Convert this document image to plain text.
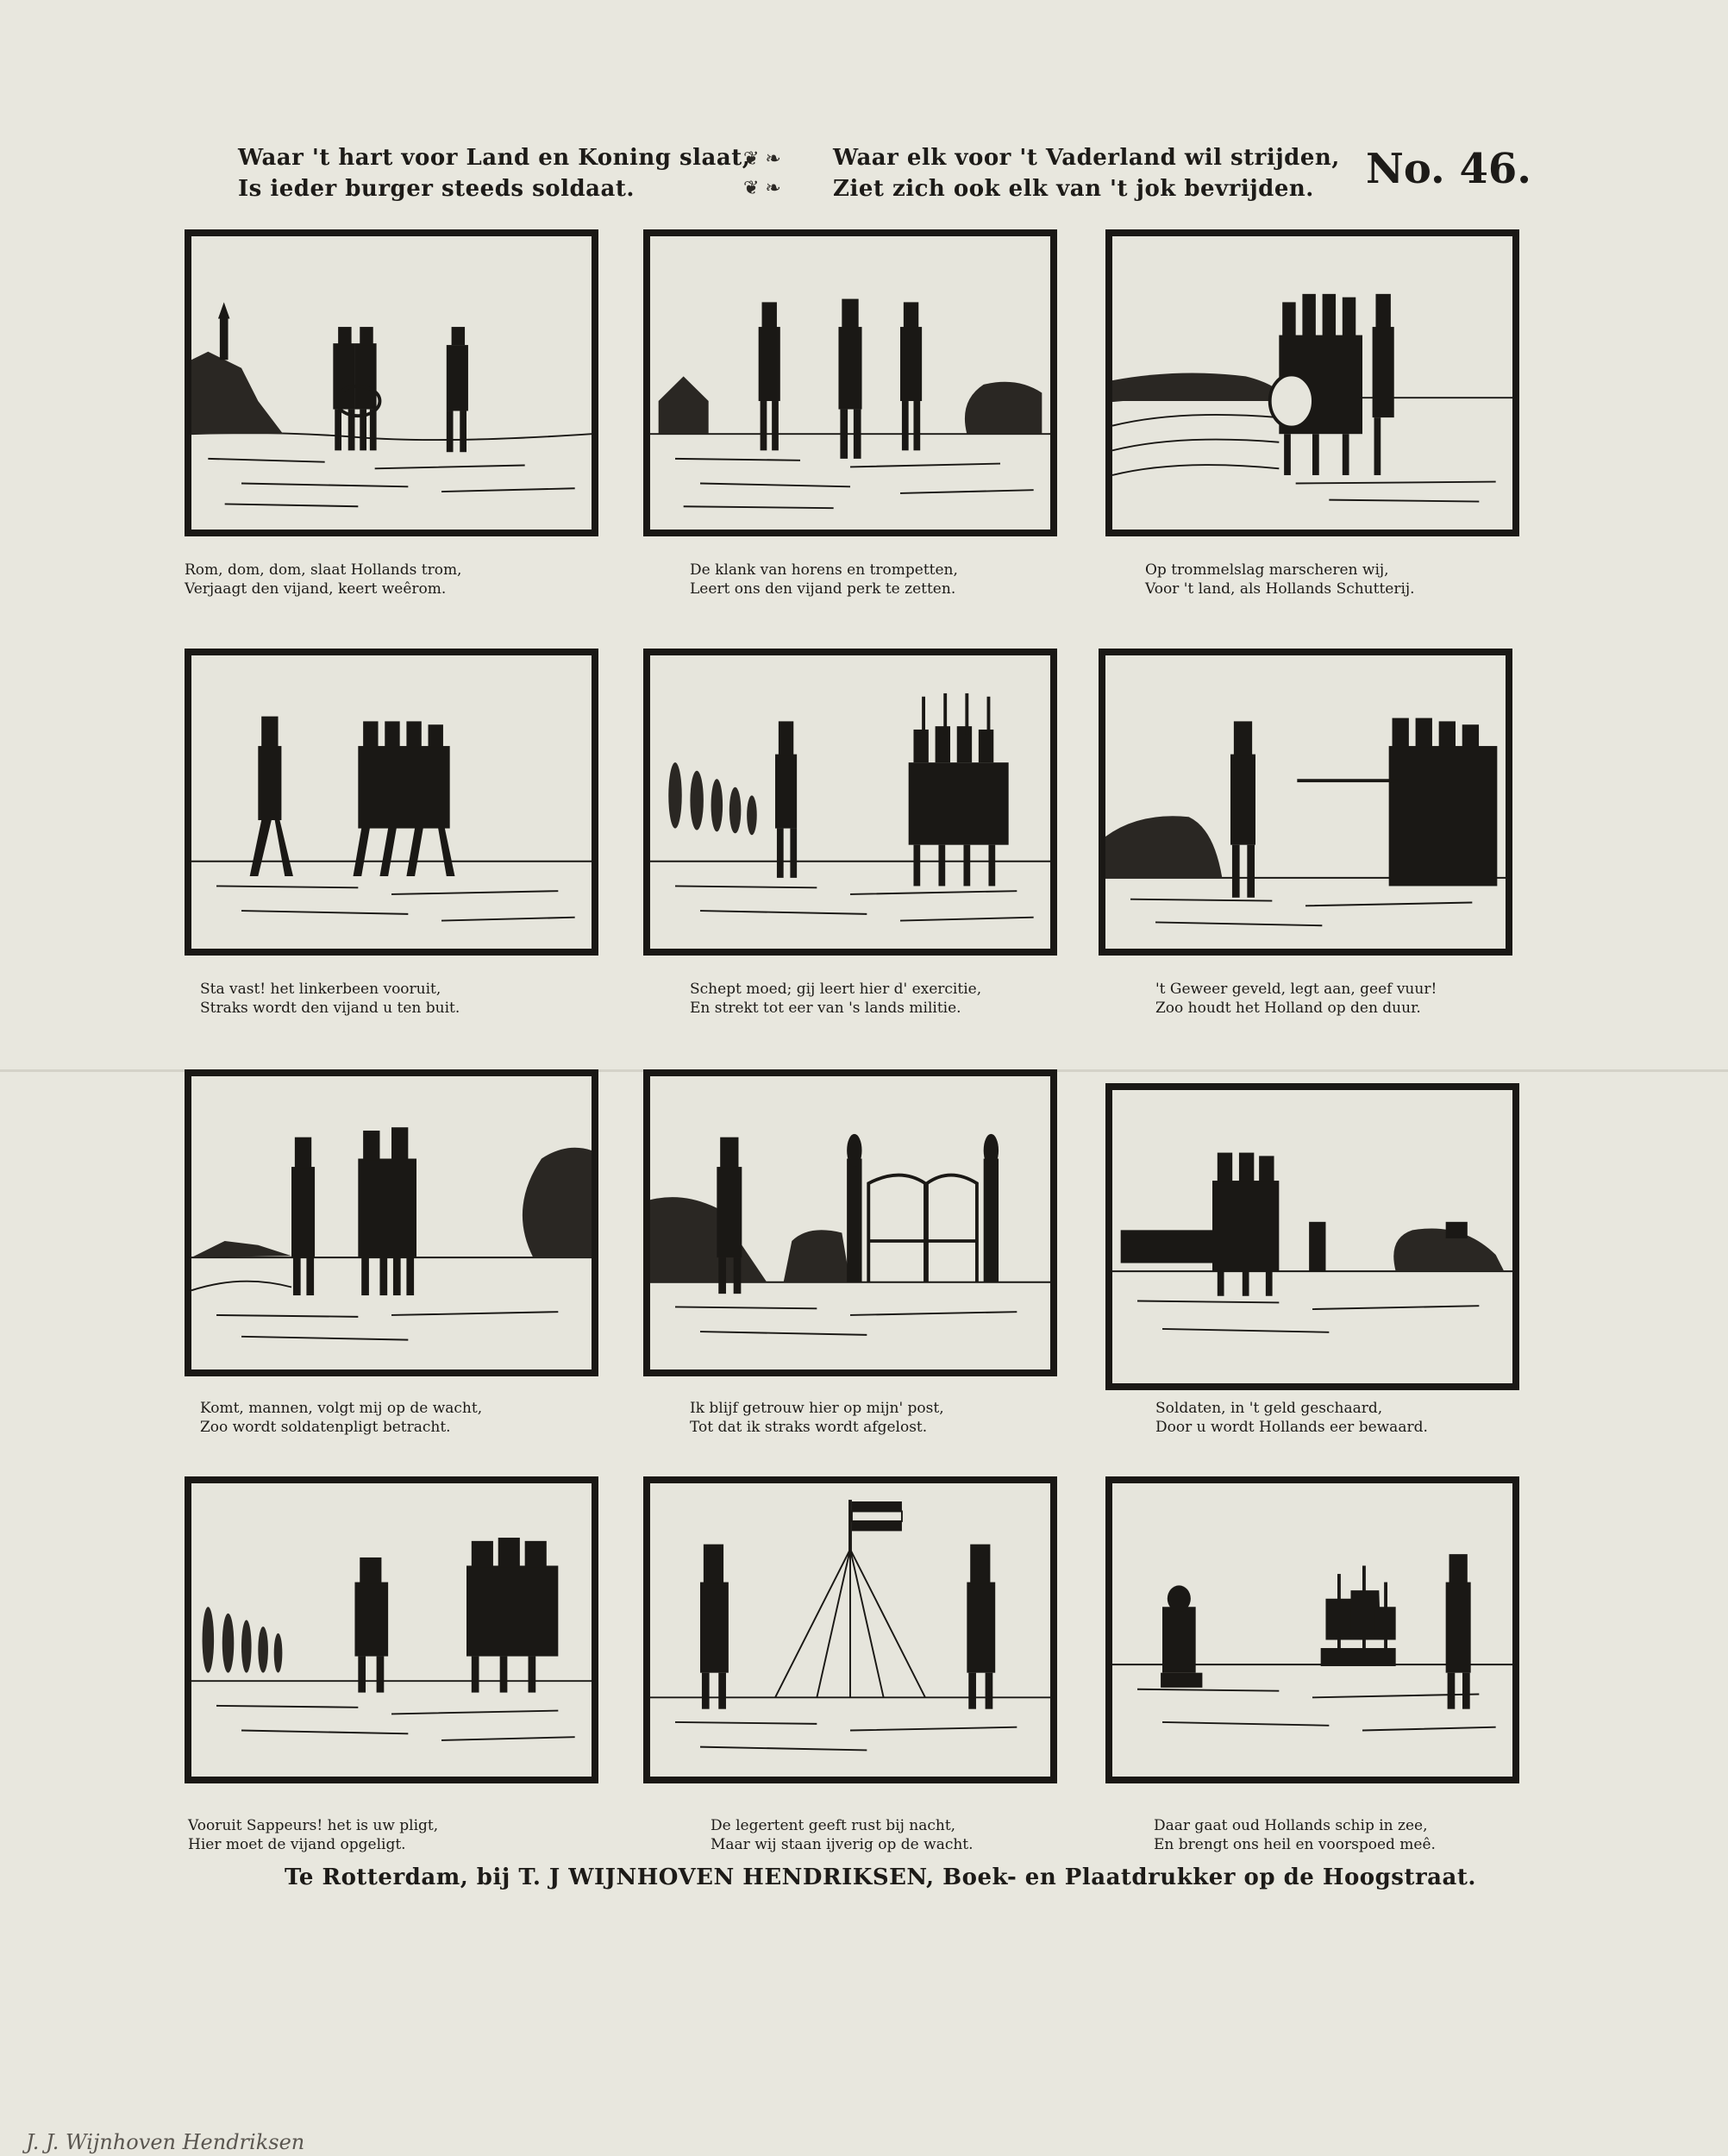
Waar 't hart voor Land en Koning slaat,
Is ieder burger steeds soldaat.
❦ ❧
❦ ❧
Waar elk voor 't Vaderland wil strijden,
Ziet zich ook elk van 't jok bevrijden. No. 46.
Rom, dom, dom, slaat Hollands trom,
Verjaagt den vijand, keert weêrom.
De klank van horens en trompetten,
Leert ons den vijand perk te zetten.
Op trommelslag marscheren wij,
Voor 't land, als Hollands Schutterij.
Sta vast! het linkerbeen vooruit,
Straks wordt den vijand u ten buit.
Schept moed; gij leert hier d' exercitie,
En strekt tot eer van 's lands militie.
't Geweer geveld, legt aan, geef vuur!
Zoo houdt het Holland op den duur.
Komt, mannen, volgt mij op de wacht,
Zoo wordt soldatenpligt betracht.
Ik blijf getrouw hier op mijn' post,
Tot dat ik straks wordt afgelost.
Soldaten, in 't geld geschaard,
Door u wordt Hollands eer bewaard.
Vooruit Sappeurs! het is uw pligt,
Hier moet de vijand opgeligt.
De legertent geeft rust bij nacht,
Maar wij staan ijverig op de wacht.
Daar gaat oud Hollands schip in zee,
En brengt ons heil en voorspoed meê.
Te Rotterdam, bij T. J WIJNHOVEN HENDRIKSEN, Boek- en Plaatdrukker op de Hoogstraat.
J. J. Wijnhoven Hendriksen
